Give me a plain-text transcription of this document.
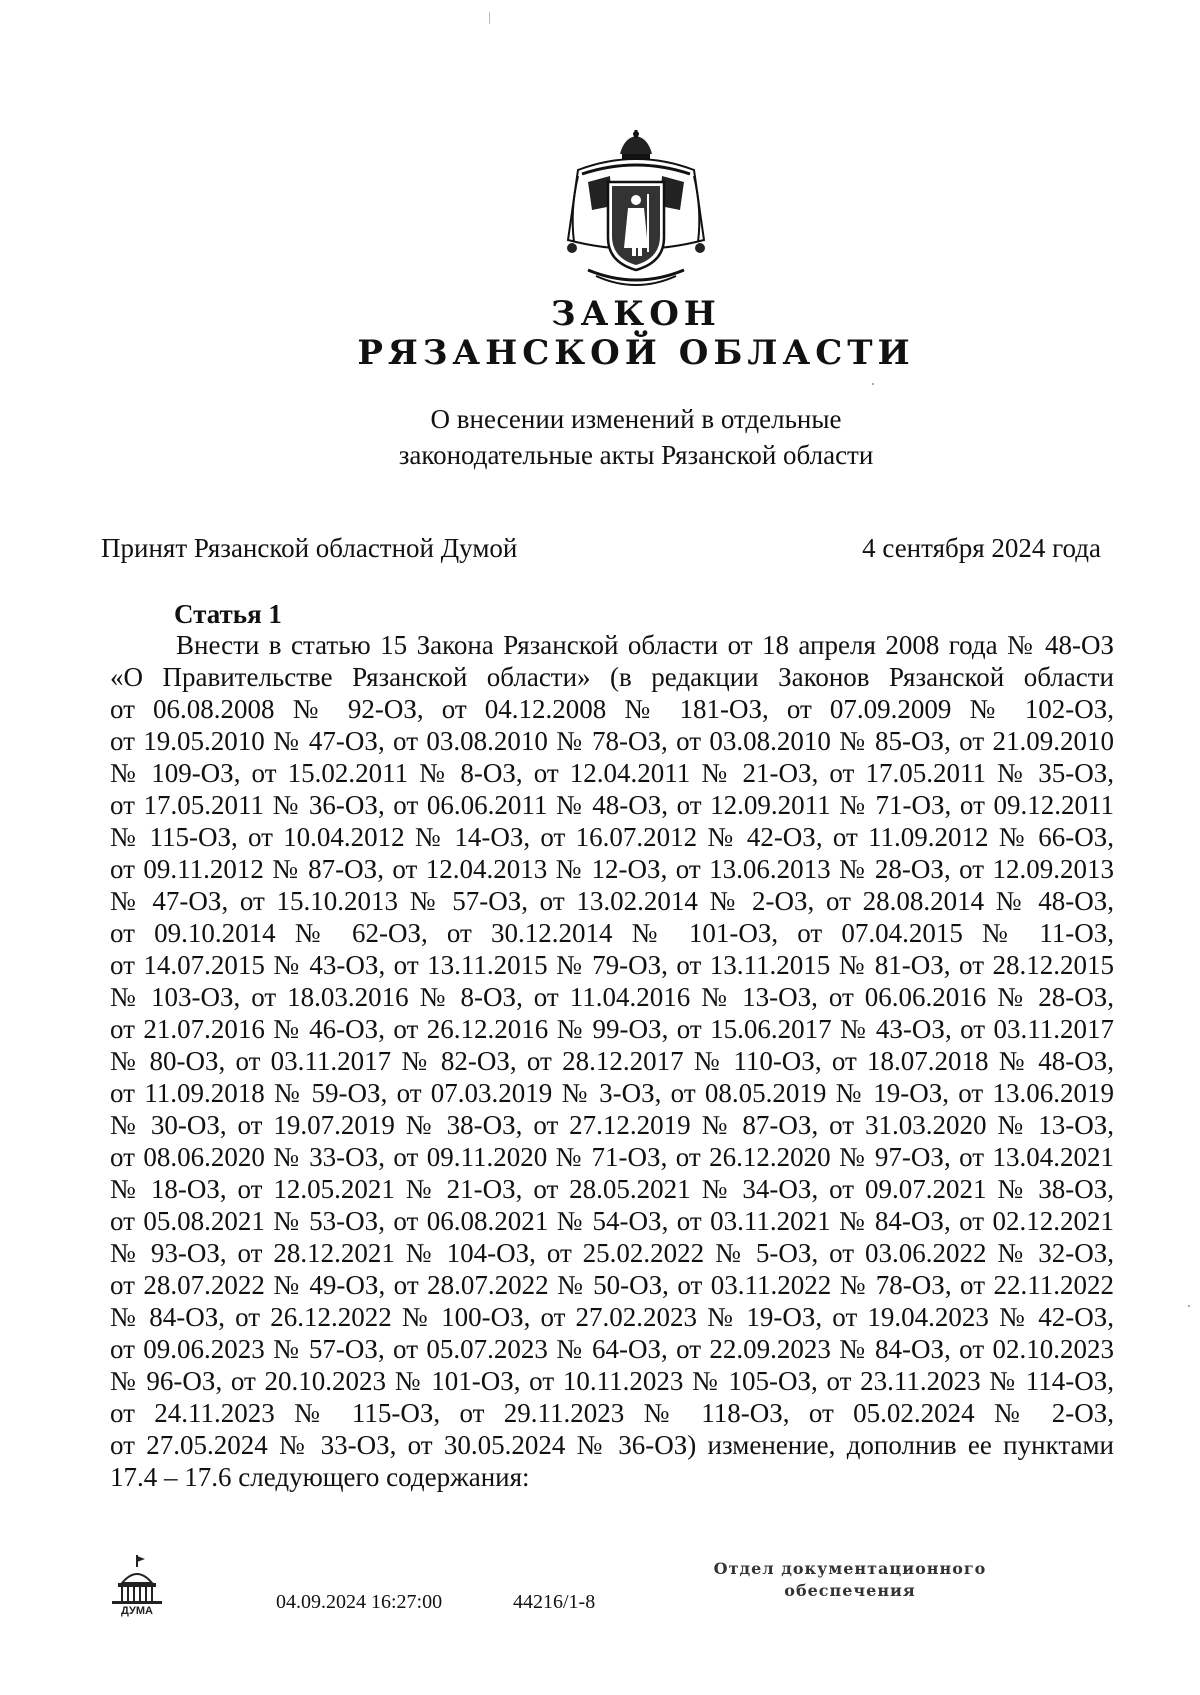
ЗАКОН
РЯЗАНСКОЙ ОБЛАСТИ
О внесении изменений в отдельные
законодательные акты Рязанской области
Принят Рязанской областной Думой	4 сентября 2024 года
Статья 1
Внести в статью 15 Закона Рязанской области от 18 апреля 2008 года № 48-ОЗ
«О Правительстве Рязанской области» (в редакции Законов Рязанской области
от 06.08.2008 № 92-ОЗ, от 04.12.2008 № 181-ОЗ, от 07.09.2009 № 102-ОЗ,
от 19.05.2010 № 47-ОЗ, от 03.08.2010 № 78-ОЗ, от 03.08.2010 № 85-ОЗ, от 21.09.2010
№ 109-ОЗ, от 15.02.2011 № 8-ОЗ, от 12.04.2011 № 21-ОЗ, от 17.05.2011 № 35-ОЗ,
от 17.05.2011 № 36-ОЗ, от 06.06.2011 № 48-ОЗ, от 12.09.2011 № 71-ОЗ, от 09.12.2011
№ 115-ОЗ, от 10.04.2012 № 14-ОЗ, от 16.07.2012 № 42-ОЗ, от 11.09.2012 № 66-ОЗ,
от 09.11.2012 № 87-ОЗ, от 12.04.2013 № 12-ОЗ, от 13.06.2013 № 28-ОЗ, от 12.09.2013
№ 47-ОЗ, от 15.10.2013 № 57-ОЗ, от 13.02.2014 № 2-ОЗ, от 28.08.2014 № 48-ОЗ,
от 09.10.2014 № 62-ОЗ, от 30.12.2014 № 101-ОЗ, от 07.04.2015 № 11-ОЗ,
от 14.07.2015 № 43-ОЗ, от 13.11.2015 № 79-ОЗ, от 13.11.2015 № 81-ОЗ, от 28.12.2015
№ 103-ОЗ, от 18.03.2016 № 8-ОЗ, от 11.04.2016 № 13-ОЗ, от 06.06.2016 № 28-ОЗ,
от 21.07.2016 № 46-ОЗ, от 26.12.2016 № 99-ОЗ, от 15.06.2017 № 43-ОЗ, от 03.11.2017
№ 80-ОЗ, от 03.11.2017 № 82-ОЗ, от 28.12.2017 № 110-ОЗ, от 18.07.2018 № 48-ОЗ,
от 11.09.2018 № 59-ОЗ, от 07.03.2019 № 3-ОЗ, от 08.05.2019 № 19-ОЗ, от 13.06.2019
№ 30-ОЗ, от 19.07.2019 № 38-ОЗ, от 27.12.2019 № 87-ОЗ, от 31.03.2020 № 13-ОЗ,
от 08.06.2020 № 33-ОЗ, от 09.11.2020 № 71-ОЗ, от 26.12.2020 № 97-ОЗ, от 13.04.2021
№ 18-ОЗ, от 12.05.2021 № 21-ОЗ, от 28.05.2021 № 34-ОЗ, от 09.07.2021 № 38-ОЗ,
от 05.08.2021 № 53-ОЗ, от 06.08.2021 № 54-ОЗ, от 03.11.2021 № 84-ОЗ, от 02.12.2021
№ 93-ОЗ, от 28.12.2021 № 104-ОЗ, от 25.02.2022 № 5-ОЗ, от 03.06.2022 № 32-ОЗ,
от 28.07.2022 № 49-ОЗ, от 28.07.2022 № 50-ОЗ, от 03.11.2022 № 78-ОЗ, от 22.11.2022
№ 84-ОЗ, от 26.12.2022 № 100-ОЗ, от 27.02.2023 № 19-ОЗ, от 19.04.2023 № 42-ОЗ,
от 09.06.2023 № 57-ОЗ, от 05.07.2023 № 64-ОЗ, от 22.09.2023 № 84-ОЗ, от 02.10.2023
№ 96-ОЗ, от 20.10.2023 № 101-ОЗ, от 10.11.2023 № 105-ОЗ, от 23.11.2023 № 114-ОЗ,
от 24.11.2023 № 115-ОЗ, от 29.11.2023 № 118-ОЗ, от 05.02.2024 № 2-ОЗ,
от 27.05.2024 № 33-ОЗ, от 30.05.2024 № 36-ОЗ) изменение, дополнив ее пунктами
17.4 – 17.6 следующего содержания:
ДУМА	04.09.2024 16:27:00	44216/1-8
Отдел документационного
обеспечения
